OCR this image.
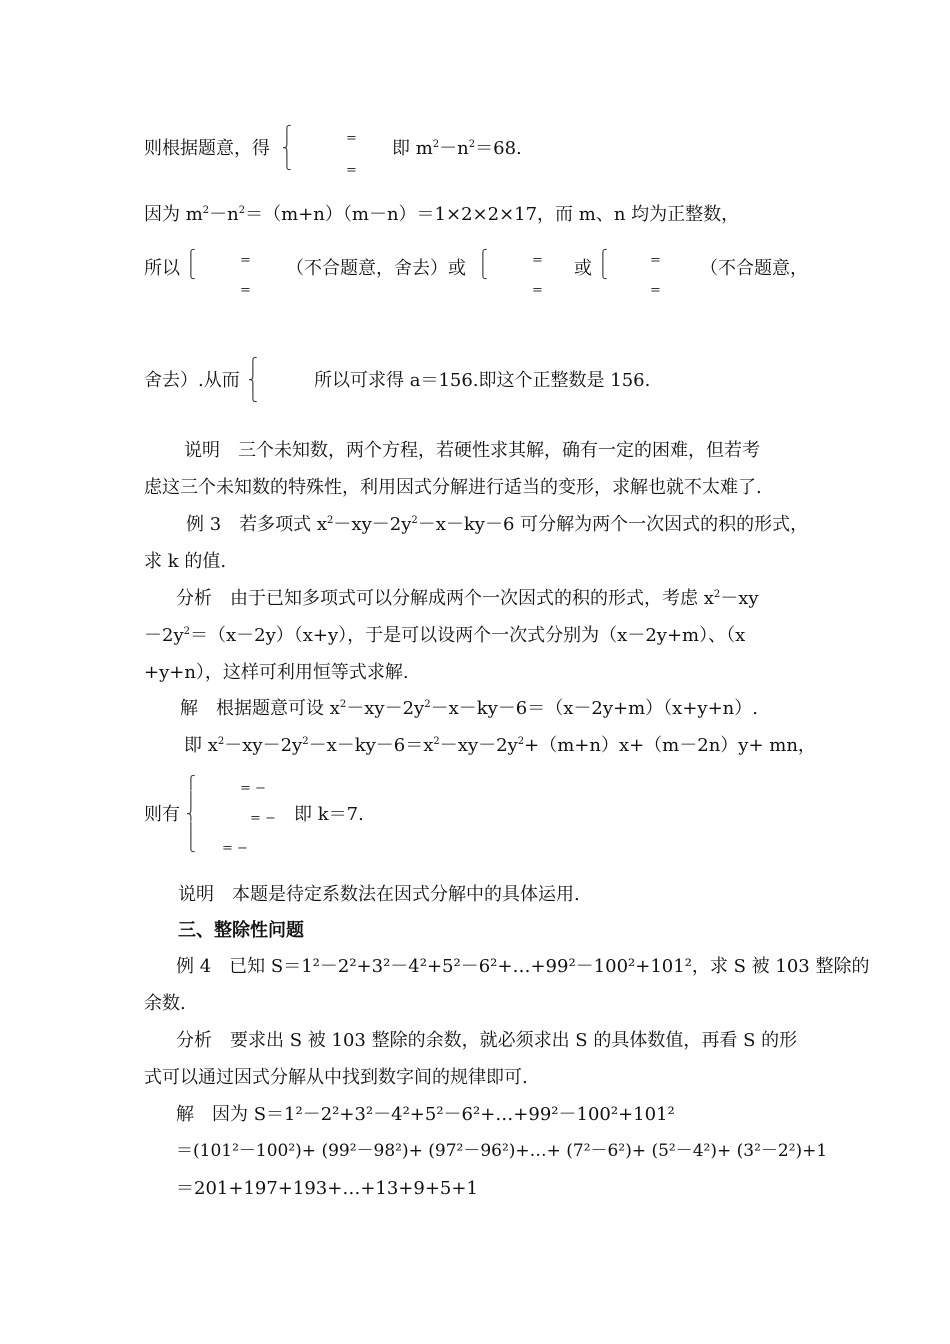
则根据题意，得
⎧
⎨
⎩
=
=
即 $m^2-n^2=68$.
因为 $m^2-n^2=(m+n)(m-n)=1\times 2\times 2\times 17$，而 m、n 均为正整数，
所以
⎧
⎩
=
=
（不合题意，舍去）或
⎧
⎩
=
=
或
⎧
⎩
=
=
（不合题意，
舍去）.从而
⎧
⎨
⎩
所以可求得 a＝156.即这个正整数是 156.
说明　三个未知数，两个方程，若硬性求其解，确有一定的困难，但若考
虑这三个未知数的特殊性，利用因式分解进行适当的变形，求解也就不太难了.
例 3　若多项式 $x^2-xy-2y^2-x-ky-6$ 可分解为两个一次因式的积的形式，
求 k 的值.
分析　由于已知多项式可以分解成两个一次因式的积的形式，考虑 $x^2-xy$
$-2y^2=(x-2y)(x+y)$，于是可以设两个一次式分别为（x－2y+m）、（x
+y+n），这样可利用恒等式求解.
解　根据题意可设 $x^2-xy-2y^2-x-ky-6=(x-2y+m)(x+y+n)$.
即 $x^2-xy-2y^2-x-ky-6=x^2-xy-2y^2+(m+n)x+(m-2n)y+$ mn，
⎧
⎪
⎨
⎪
⎩
= −
则有	= − 即 k＝7.
= −
说明　本题是待定系数法在因式分解中的具体运用.
三、整除性问题
例 4　已知 S＝1²－2²+3²－4²+5²－6²+…+99²－100²+101²，求 S 被 103 整除的
余数.
分析　要求出 S 被 103 整除的余数，就必须求出 S 的具体数值，再看 S 的形
式可以通过因式分解从中找到数字间的规律即可.
解　因为 S＝1²－2²+3²－4²+5²－6²+…+99²－100²+101²
＝(101²－100²)+ (99²－98²)+ (97²－96²)+…+ (7²－6²)+ (5²－4²)+ (3²－2²)+1
＝201+197+193+…+13+9+5+1
